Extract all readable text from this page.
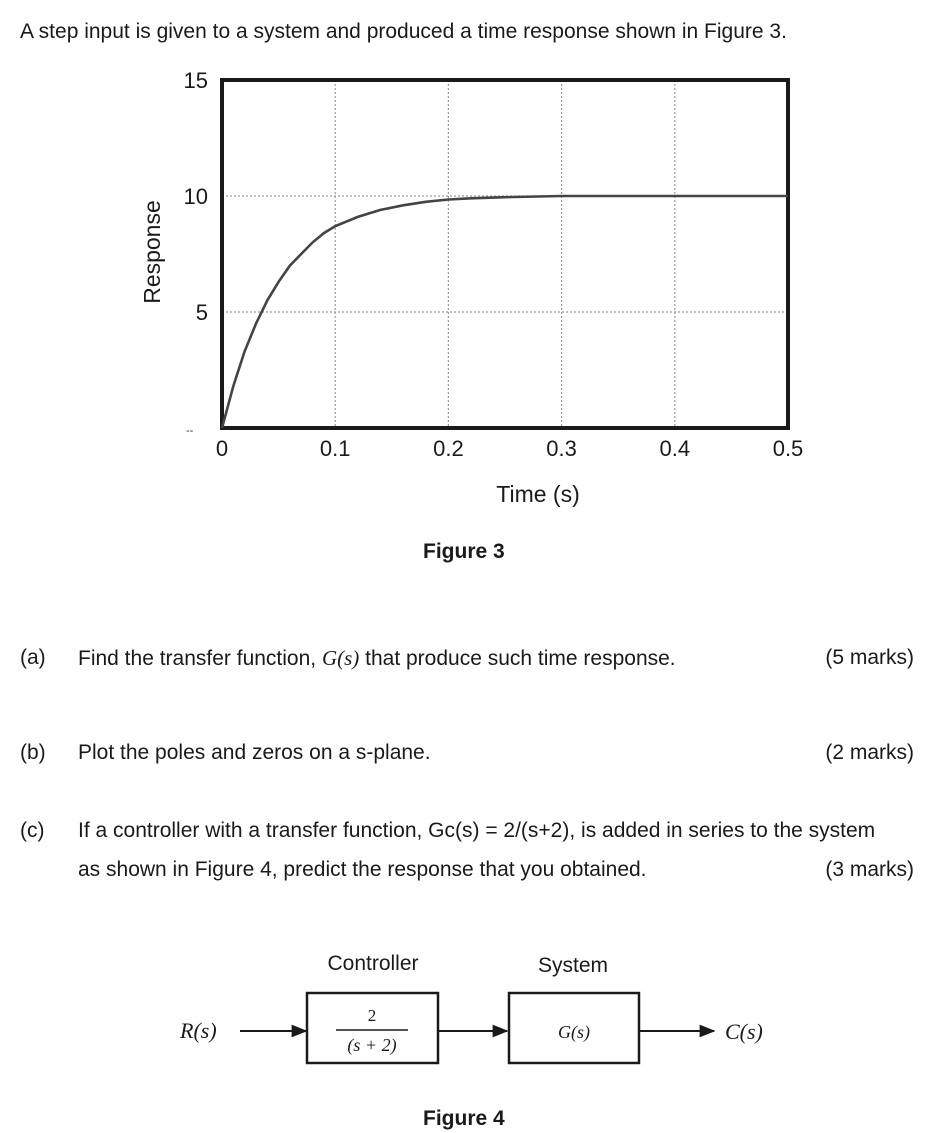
A step input is given to a system and produced a time response shown in Figure 3.
0	0.1	0.2	0.3	0.4	0.5
5
10
15
--
Time (s)
Response
Figure 3
(a) Find the transfer function, G(s) that produce such time response.	(5 marks)
(b) Plot the poles and zeros on a s-plane.	(2 marks)
(c) If a controller with a transfer function, Gс(s) = 2/(s+2), is added in series to the system
as shown in Figure 4, predict the response that you obtained.	(3 marks)
Controller	System
R(s)
2
(s + 2)
G(s)	C(s)
Figure 4
